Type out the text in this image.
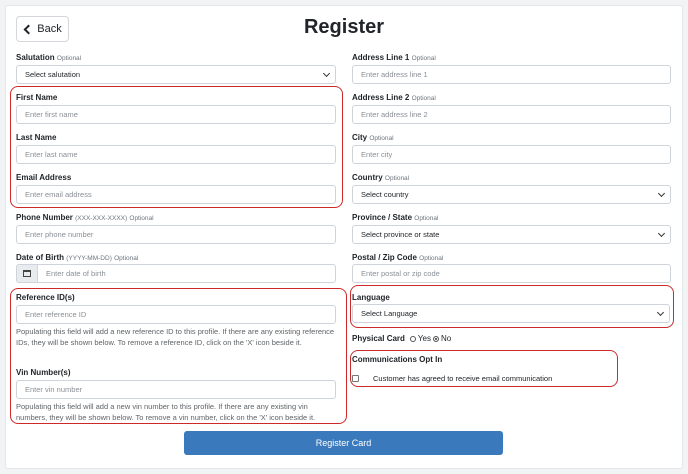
Back	Register
Salutation Optional
Select salutation
First Name
Enter first name
Last Name
Enter last name
Email Address
Enter email address
Phone Number (XXX-XXX-XXXX) Optional
Enter phone number
Date of Birth (YYYY-MM-DD) Optional
Enter date of birth
Reference ID(s)
Enter reference ID
Populating this field will add a new reference ID to this profile. If there are any existing reference IDs, they will be shown below. To remove a reference ID, click on the 'X' icon beside it.
Vin Number(s)
Enter vin number
Populating this field will add a new vin number to this profile. If there are any existing vin numbers, they will be shown below. To remove a vin number, click on the 'X' icon beside it.
Address Line 1 Optional
Enter address line 1
Address Line 2 Optional
Enter address line 2
City Optional
Enter city
Country Optional
Select country
Province / State Optional
Select province or state
Postal / Zip Code Optional
Enter postal or zip code
Language
Select Language
Physical Card Yes No
Communications Opt In
Customer has agreed to receive email communication
Register Card
